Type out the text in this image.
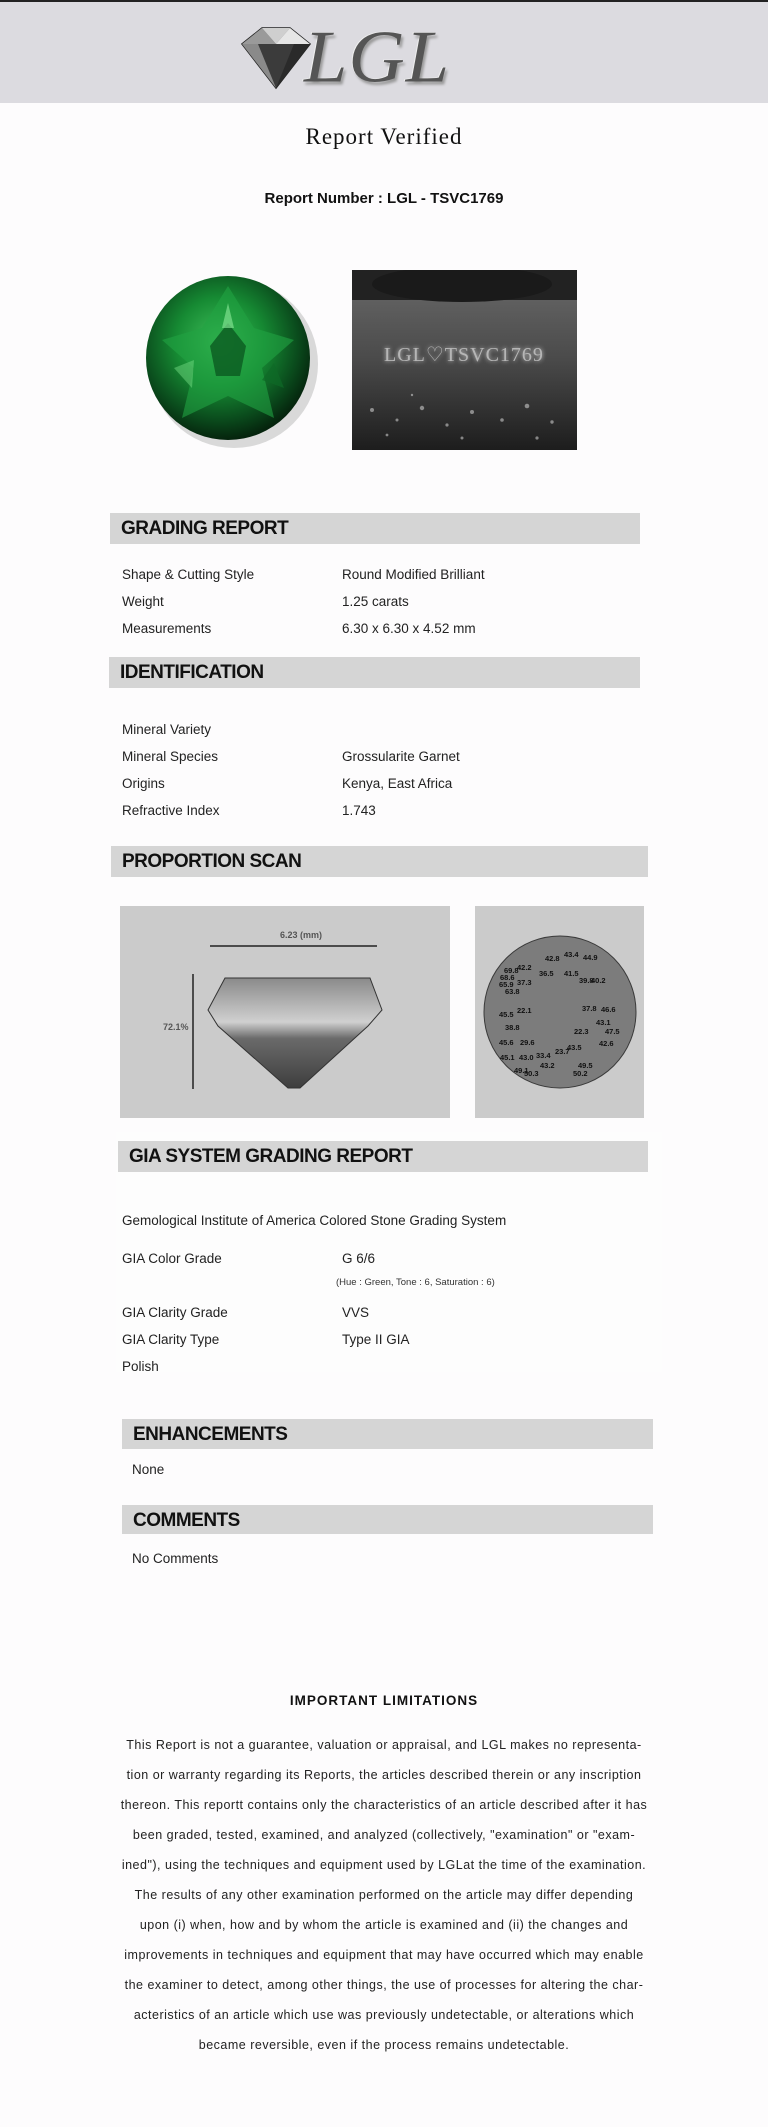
LGL
Report Verified
Report Number : LGL - TSVC1769
LGL♡TSVC1769
GRADING REPORT
Shape & Cutting Style	Round Modified Brilliant
Weight	1.25 carats
Measurements	6.30 x 6.30 x 4.52 mm
IDENTIFICATION
Mineral Variety
Mineral Species	Grossularite Garnet
Origins	Kenya, East Africa
Refractive Index	1.743
PROPORTION SCAN
6.23 (mm)
72.1%
42.8 43.4 44.9
69.8
42.2
68.6	36.5 41.5
39.8
40.2
65.9 37.3
63.8
22.1	37.8 46.6
45.5
43.1
38.8	22.3 47.5
45.6 29.6
43.5 42.6
23.7
33.4
45.1 43.0
43.2	49.5
49.1
50.3	50.2
GIA SYSTEM GRADING REPORT
Gemological Institute of America Colored Stone Grading System
GIA Color Grade	G 6/6
(Hue : Green, Tone : 6, Saturation : 6)
GIA Clarity Grade	VVS
GIA Clarity Type	Type II GIA
Polish
ENHANCEMENTS
None
COMMENTS
No Comments
IMPORTANT LIMITATIONS
This Report is not a guarantee, valuation or appraisal, and LGL makes no representa-
tion or warranty regarding its Reports, the articles described therein or any inscription
thereon. This reportt contains only the characteristics of an article described after it has
been graded, tested, examined, and analyzed (collectively, "examination" or "exam-
ined"), using the techniques and equipment used by LGLat the time of the examination.
The results of any other examination performed on the article may differ depending
upon (i) when, how and by whom the article is examined and (ii) the changes and
improvements in techniques and equipment that may have occurred which may enable
the examiner to detect, among other things, the use of processes for altering the char-
acteristics of an article which use was previously undetectable, or alterations which
became reversible, even if the process remains undetectable.
